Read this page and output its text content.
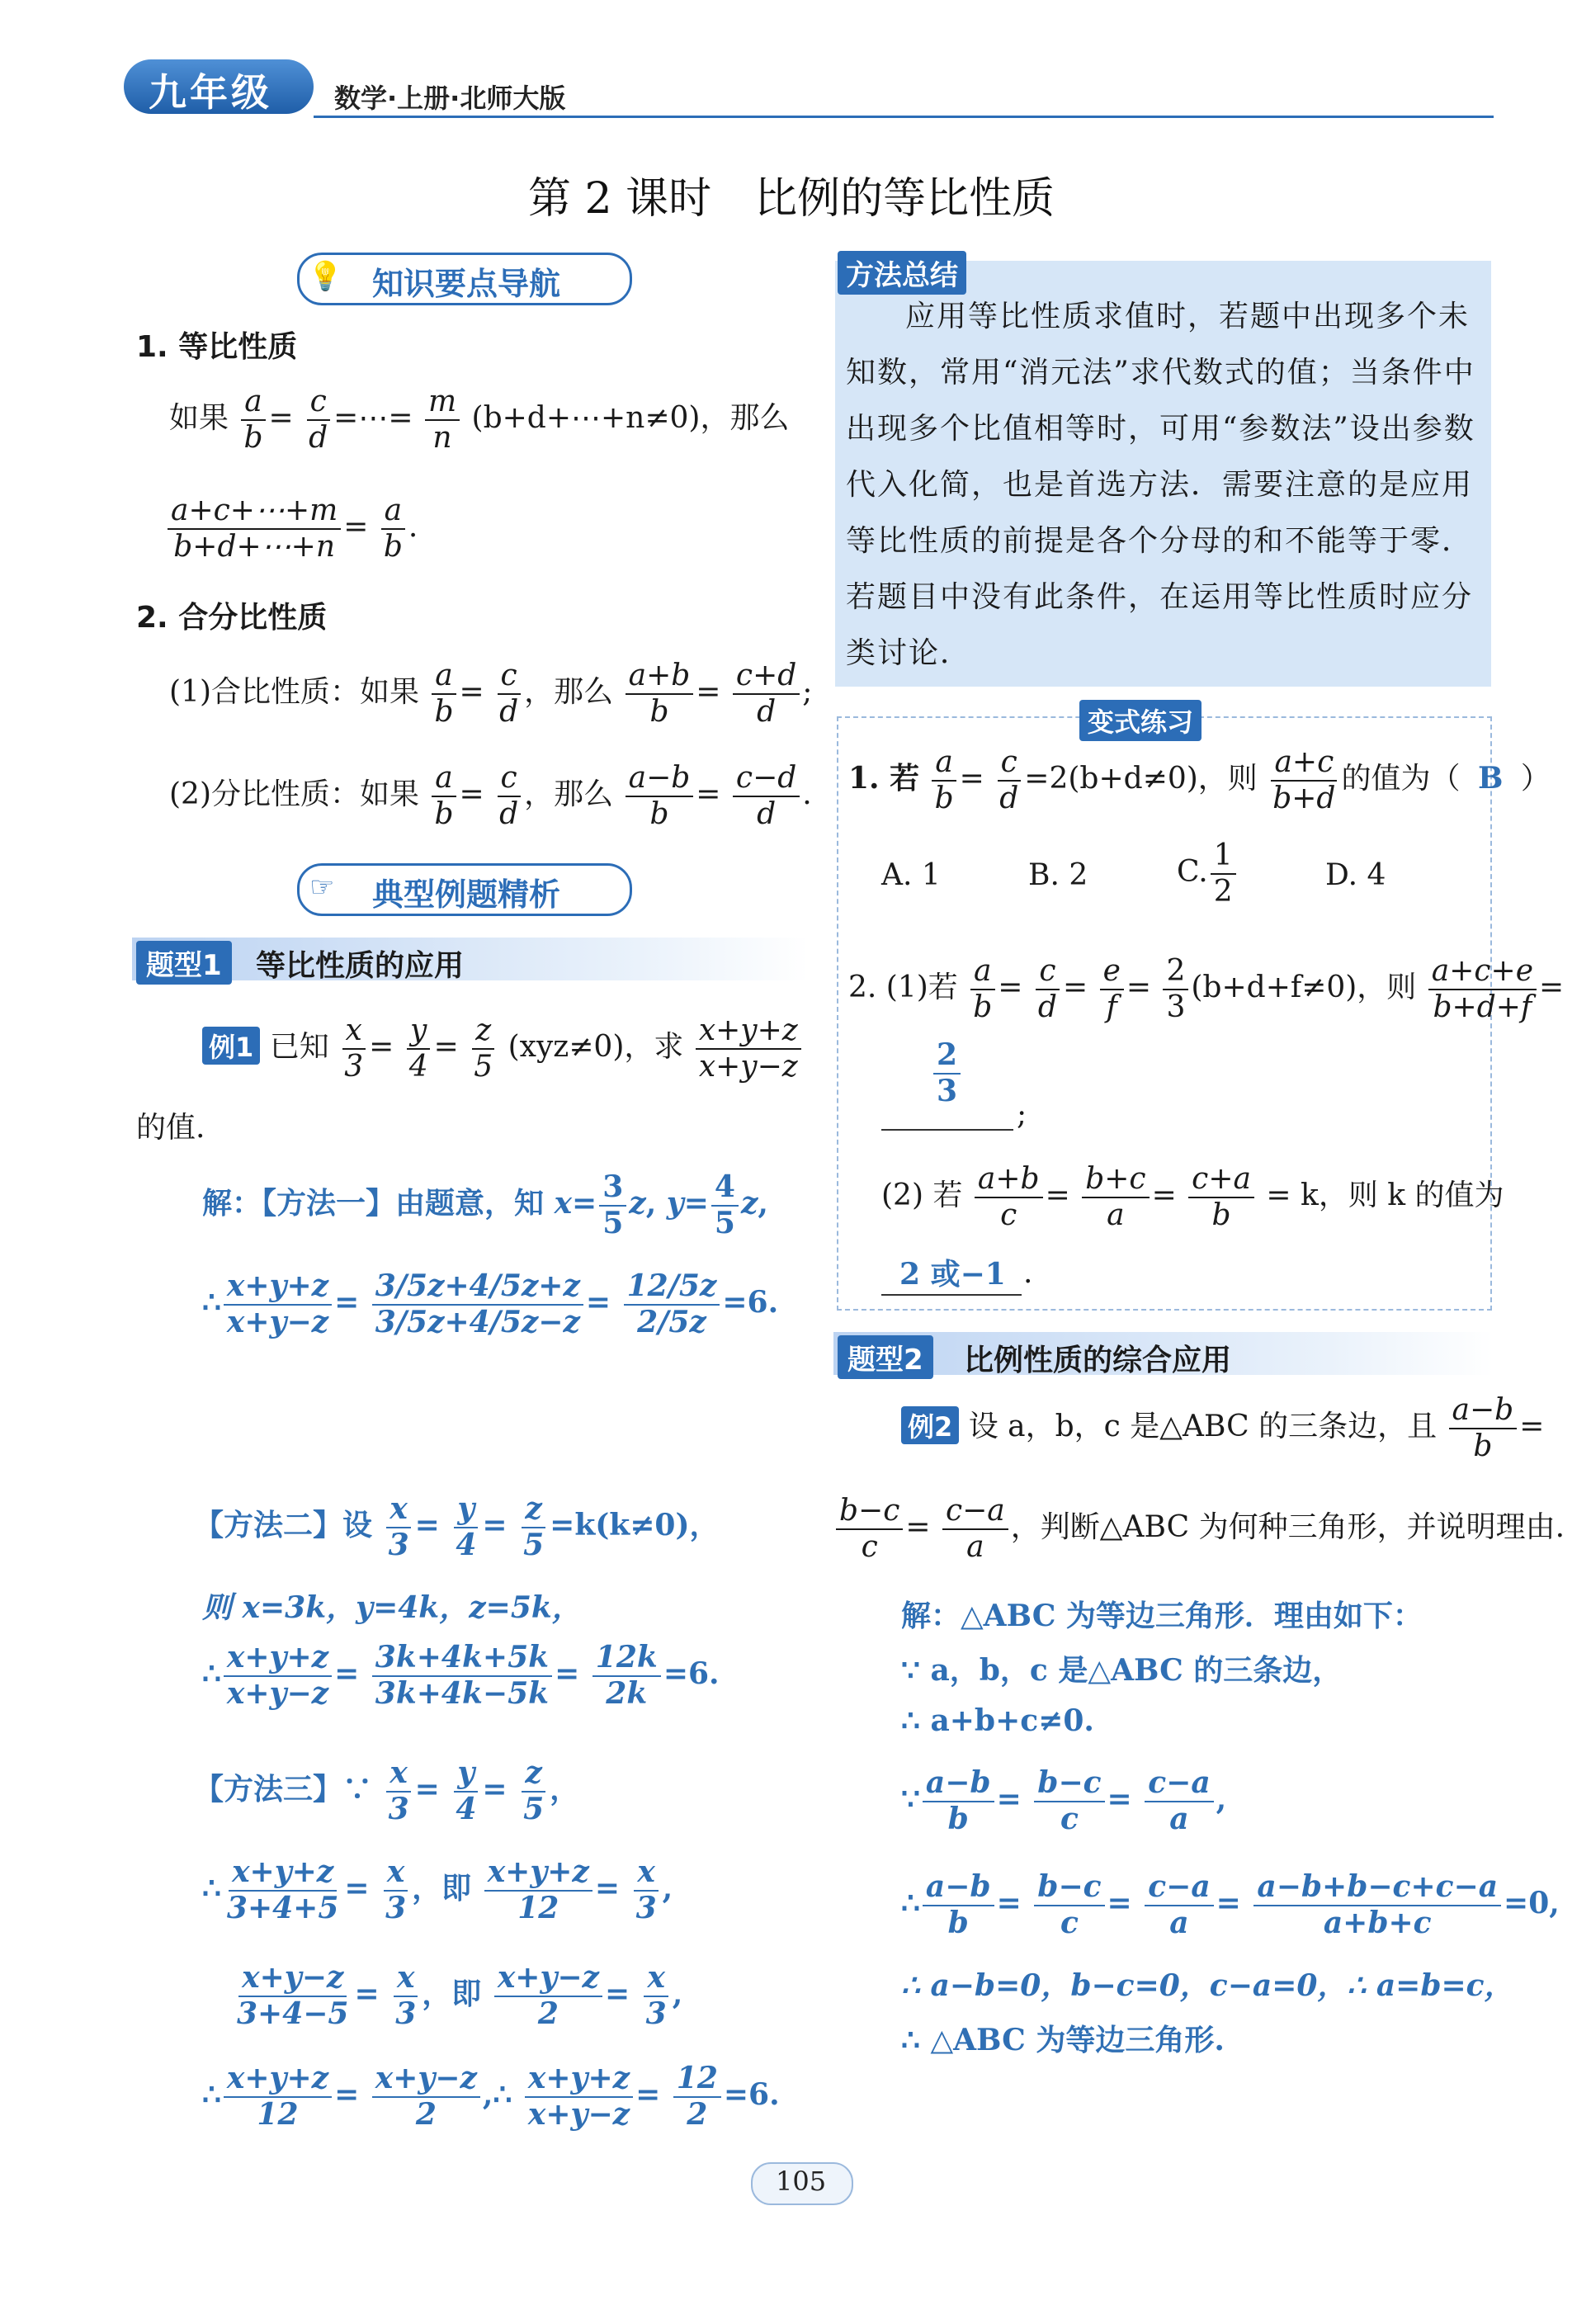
九年级 数学·上册·北师大版
第 2 课时　比例的等比性质
💡 知识要点导航
1. 等比性质
如果 $\frac{a}{b} = \frac{c}{d}$ =⋯= $\frac{m}{n}$ (b+d+⋯+n≠0)，那么
$\frac{a+c+\cdots+m}{b+d+\cdots+n} = \frac{a}{b}$ .
2. 合分比性质
(1)合比性质：如果 $\frac{a}{b} = \frac{c}{d}$ ，那么 $\frac{a+b}{b} = \frac{c+d}{d}$ ;
(2)分比性质：如果 $\frac{a}{b} = \frac{c}{d}$ ，那么 $\frac{a-b}{b} = \frac{c-d}{d}$ .
☞ 典型例题精析
题型1	等比性质的应用
例1 已知 $\frac{x}{3} = \frac{y}{4} = \frac{z}{5} (xyz\ne 0)$，求 $\frac{x+y+z}{x+y-z}$
的值.
解：【方法一】由题意，知 $x= \frac{3}{5} z$, $y= \frac{4}{5} z$,
∴ $\frac{x+y+z}{x+y-z} = \frac{3/5z+4/5z+z}{3/5z+4/5z-z} = \frac{12/5z}{2/5z} =6$.
【方法二】设 $\frac{x}{3} = \frac{y}{4} = \frac{z}{5} =k(k\ne 0)$，
则 x=3k，y=4k，z=5k，
∴ $\frac{x+y+z}{x+y-z} = \frac{3k+4k+5k}{3k+4k-5k} = \frac{12k}{2k} =6$.
【方法三】∵ $\frac{x}{3} = \frac{y}{4} = \frac{z}{5}$ ，
∴ $\frac{x+y+z}{3+4+5} = \frac{x}{3}$ ，即 $\frac{x+y+z}{12} = \frac{x}{3}$ ,
$\frac{x+y-z}{3+4-5} = \frac{x}{3}$ ，即 $\frac{x+y-z}{2} = \frac{x}{3}$ ,
∴ $\frac{x+y+z}{12} = \frac{x+y-z}{2}$ ,∴ $\frac{x+y+z}{x+y-z} = \frac{12}{2} =6$.
方法总结
应用等比性质求值时，若题中出现多个未知数，常用“消元法”求代数式的值；当条件中出现多个比值相等时，可用“参数法”设出参数代入化简，也是首选方法．需要注意的是应用等比性质的前提是各个分母的和不能等于零．若题目中没有此条件，在运用等比性质时应分类讨论．
变式练习
1. 若 $\frac{a}{b} = \frac{c}{d} =2(b+d\ne 0)$，则 $\frac{a+c}{b+d}$ 的值为（ B ）
A. 1	B. 2	C. $\frac{1}{2}$	D. 4
2. (1)若 $\frac{a}{b} = \frac{c}{d} = \frac{e}{f} = \frac{2}{3} (b+d+f\ne 0)$，则 $\frac{a+c+e}{b+d+f}$ =
$\frac{2}{3}$
;
(2) 若 $\frac{a+b}{c} = \frac{b+c}{a} = \frac{c+a}{b} = k$，则 k 的值为
2 或−1 .
题型2	比例性质的综合应用
例2 设 a，b，c 是△ABC 的三条边，且 $\frac{a-b}{b}$ =
$\frac{b-c}{c} = \frac{c-a}{a}$ ，判断△ABC 为何种三角形，并说明理由.
解：△ABC 为等边三角形．理由如下：
∵ a，b，c 是△ABC 的三条边，
∴ a+b+c≠0.
∵ $\frac{a-b}{b} = \frac{b-c}{c} = \frac{c-a}{a}$ ,
∴ $\frac{a-b}{b} = \frac{b-c}{c} = \frac{c-a}{a} = \frac{a-b+b-c+c-a}{a+b+c} =0$,
∴ a−b=0，b−c=0，c−a=0，∴ a=b=c，
∴ △ABC 为等边三角形.
105
